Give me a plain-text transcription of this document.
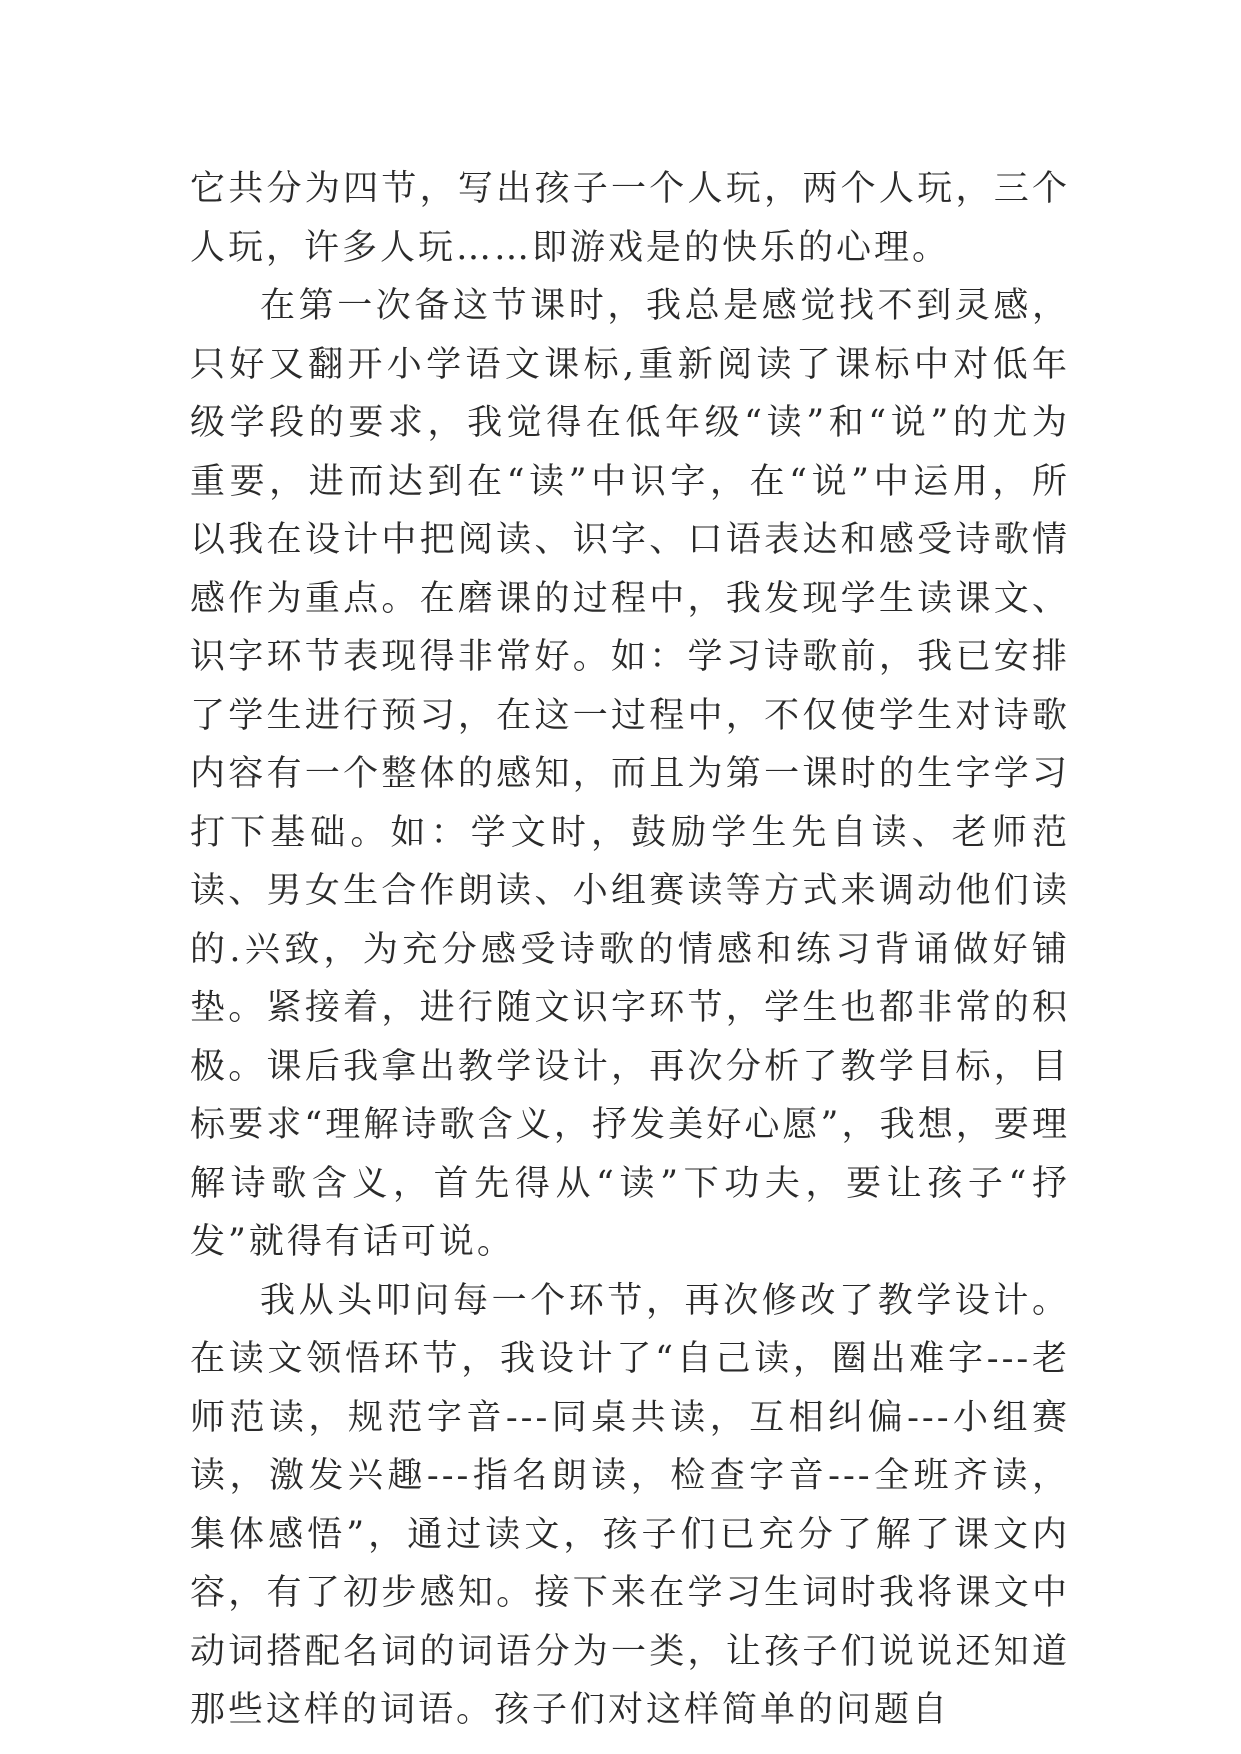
它共分为四节，写出孩子一个人玩，两个人玩，三个人玩，许多人玩……即游戏是的快乐的心理。

在第一次备这节课时，我总是感觉找不到灵感，只好又翻开小学语文课标,重新阅读了课标中对低年级学段的要求，我觉得在低年级“读”和“说”的尤为重要，进而达到在“读”中识字，在“说”中运用，所以我在设计中把阅读、识字、口语表达和感受诗歌情感作为重点。在磨课的过程中，我发现学生读课文、识字环节表现得非常好。如：学习诗歌前，我已安排了学生进行预习，在这一过程中，不仅使学生对诗歌内容有一个整体的感知，而且为第一课时的生字学习打下基础。如：学文时，鼓励学生先自读、老师范读、男女生合作朗读、小组赛读等方式来调动他们读的.兴致，为充分感受诗歌的情感和练习背诵做好铺垫。紧接着，进行随文识字环节，学生也都非常的积极。课后我拿出教学设计，再次分析了教学目标，目标要求“理解诗歌含义，抒发美好心愿”，我想，要理解诗歌含义，首先得从“读”下功夫，要让孩子“抒发”就得有话可说。

我从头叩问每一个环节，再次修改了教学设计。在读文领悟环节，我设计了“自己读，圈出难字---老师范读，规范字音---同桌共读，互相纠偏---小组赛读，激发兴趣---指名朗读，检查字音---全班齐读，集体感悟”，通过读文，孩子们已充分了解了课文内容，有了初步感知。接下来在学习生词时我将课文中动词搭配名词的词语分为一类，让孩子们说说还知道那些这样的词语。孩子们对这样简单的问题自
